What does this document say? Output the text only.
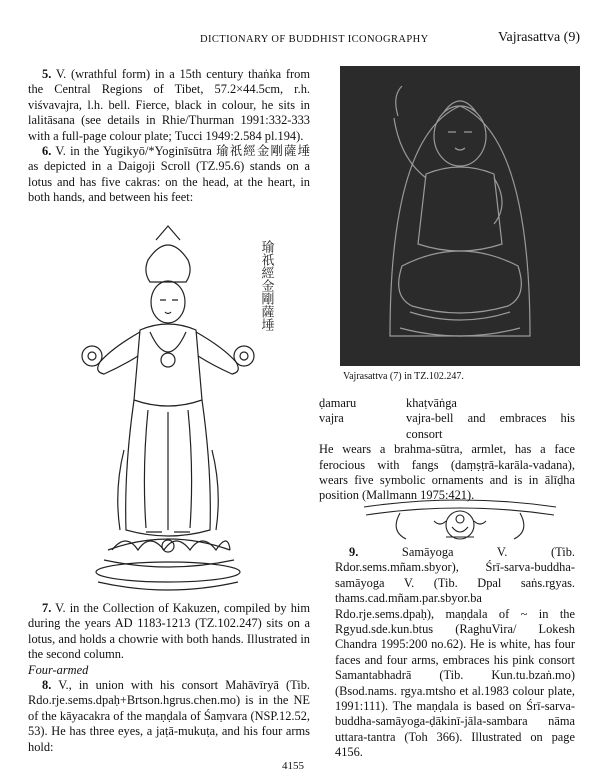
DICTIONARY OF BUDDHIST ICONOGRAPHY	Vajrasattva (9)

5. V. (wrathful form) in a 15th century thaṅka from the Central Regions of Tibet, 57.2×44.5cm, r.h. viśvavajra, l.h. bell. Fierce, black in colour, he sits in lalitāsana (see details in Rhie/Thurman 1991:332-333 with a full-page colour plate; Tucci 1949:2.584 pl.194).

6. V. in the Yugikyō/*Yoginīsūtra 瑜祇經金剛薩埵 as depicted in a Daigoji Scroll (TZ.95.6) stands on a lotus and has five cakras: on the head, at the heart, in both hands, and between his feet:

瑜祇經金剛薩埵

7. V. in the Collection of Kakuzen, compiled by him during the years AD 1183-1213 (TZ.102.247) sits on a lotus, and holds a chowrie with both hands. Illustrated in the second column.

Four-armed

8. V., in union with his consort Mahāvīryā (Tib. Rdo.rje.sems.dpaḥ+Brtson.hgrus.chen.mo) is in the NE of the kāyacakra of the maṇḍala of Śaṃvara (NSP.12.52, 53). He has three eyes, a jaṭā-mukuṭa, and his four arms hold:

Vajrasattva (7) in TZ.102.247.
ḍamaru	khaṭvāṅga
vajra	vajra-bell and embraces his consort

He wears a brahma-sūtra, armlet, has a face ferocious with fangs (daṃṣṭrā-karāla-vadana), wears five symbolic ornaments and is in ālīḍha position (Mallmann 1975:421).

9.	Samāyoga V. (Tib. Rdor.sems.mñam.sbyor), Śrī-sarva-buddha-samāyoga V. (Tib. Dpal saṅs.rgyas. thams.cad.mñam.par.sbyor.ba Rdo.rje.sems.dpaḥ), maṇḍala of ~ in the Rgyud.sde.kun.btus (RaghuVira/ Lokesh Chandra 1995:200 no.62). He is white, has four faces and four arms, embraces his pink consort Samantabhadrā (Tib. Kun.tu.bzaṅ.mo) (Bsod.nams. rgya.mtsho et al.1983 colour plate, 1991:111). The maṇḍala is based on Śrī-sarva-buddha-samāyoga-ḍākinī-jāla-sambara nāma uttara-tantra (Toh 366). Illustrated on page 4156.

4155
